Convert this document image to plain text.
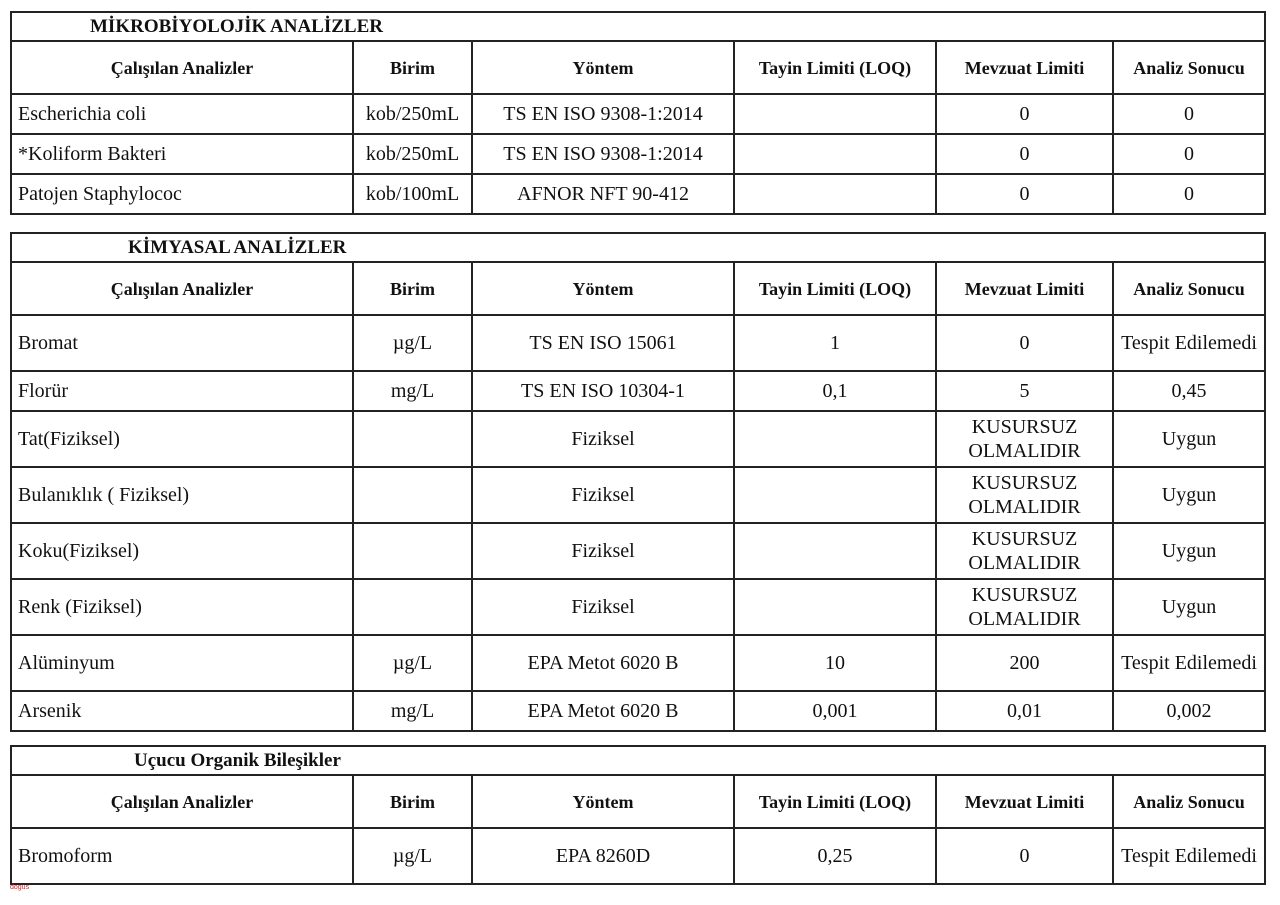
MİKROBİYOLOJİK ANALİZLER					
Çalışılan Analizler	Birim	Yöntem	Tayin Limiti (LOQ)	Mevzuat Limiti	Analiz Sonucu
Escherichia coli	kob/250mL	TS EN ISO 9308-1:2014		0	0
*Koliform Bakteri	kob/250mL	TS EN ISO 9308-1:2014		0	0
Patojen Staphylococ	kob/100mL	AFNOR NFT 90-412		0	0
KİMYASAL ANALİZLER					
Çalışılan Analizler	Birim	Yöntem	Tayin Limiti (LOQ)	Mevzuat Limiti	Analiz Sonucu
Bromat	µg/L	TS EN ISO 15061	1	0	Tespit Edilemedi
Florür	mg/L	TS EN ISO 10304-1	0,1	5	0,45
Tat(Fiziksel)		Fiziksel		KUSURSUZ OLMALIDIR	Uygun
Bulanıklık ( Fiziksel)		Fiziksel		KUSURSUZ OLMALIDIR	Uygun
Koku(Fiziksel)		Fiziksel		KUSURSUZ OLMALIDIR	Uygun
Renk (Fiziksel)		Fiziksel		KUSURSUZ OLMALIDIR	Uygun
Alüminyum	µg/L	EPA Metot 6020 B	10	200	Tespit Edilemedi
Arsenik	mg/L	EPA Metot 6020 B	0,001	0,01	0,002
Uçucu Organik Bileşikler					
Çalışılan Analizler	Birim	Yöntem	Tayin Limiti (LOQ)	Mevzuat Limiti	Analiz Sonucu
Bromoform	µg/L	EPA 8260D	0,25	0	Tespit Edilemedi
dogus
